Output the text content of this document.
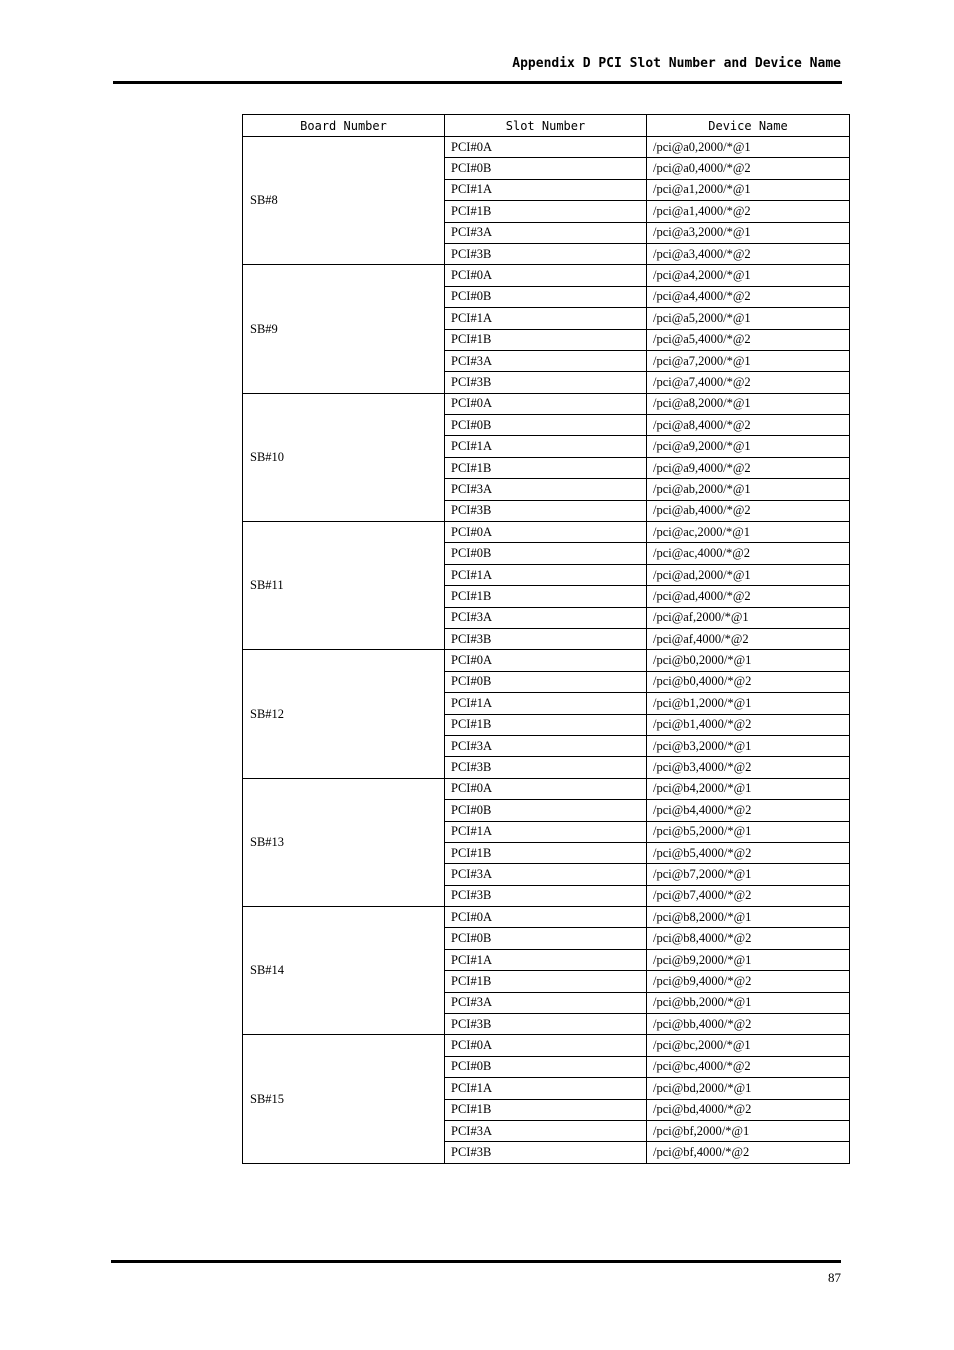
Appendix D PCI Slot Number and Device Name
Board Number	Slot Number	Device Name
SB#8	PCI#0A	/pci@a0,2000/*@1
	PCI#0B	/pci@a0,4000/*@2
	PCI#1A	/pci@a1,2000/*@1
	PCI#1B	/pci@a1,4000/*@2
	PCI#3A	/pci@a3,2000/*@1
	PCI#3B	/pci@a3,4000/*@2
SB#9	PCI#0A	/pci@a4,2000/*@1
	PCI#0B	/pci@a4,4000/*@2
	PCI#1A	/pci@a5,2000/*@1
	PCI#1B	/pci@a5,4000/*@2
	PCI#3A	/pci@a7,2000/*@1
	PCI#3B	/pci@a7,4000/*@2
SB#10	PCI#0A	/pci@a8,2000/*@1
	PCI#0B	/pci@a8,4000/*@2
	PCI#1A	/pci@a9,2000/*@1
	PCI#1B	/pci@a9,4000/*@2
	PCI#3A	/pci@ab,2000/*@1
	PCI#3B	/pci@ab,4000/*@2
SB#11	PCI#0A	/pci@ac,2000/*@1
	PCI#0B	/pci@ac,4000/*@2
	PCI#1A	/pci@ad,2000/*@1
	PCI#1B	/pci@ad,4000/*@2
	PCI#3A	/pci@af,2000/*@1
	PCI#3B	/pci@af,4000/*@2
SB#12	PCI#0A	/pci@b0,2000/*@1
	PCI#0B	/pci@b0,4000/*@2
	PCI#1A	/pci@b1,2000/*@1
	PCI#1B	/pci@b1,4000/*@2
	PCI#3A	/pci@b3,2000/*@1
	PCI#3B	/pci@b3,4000/*@2
SB#13	PCI#0A	/pci@b4,2000/*@1
	PCI#0B	/pci@b4,4000/*@2
	PCI#1A	/pci@b5,2000/*@1
	PCI#1B	/pci@b5,4000/*@2
	PCI#3A	/pci@b7,2000/*@1
	PCI#3B	/pci@b7,4000/*@2
SB#14	PCI#0A	/pci@b8,2000/*@1
	PCI#0B	/pci@b8,4000/*@2
	PCI#1A	/pci@b9,2000/*@1
	PCI#1B	/pci@b9,4000/*@2
	PCI#3A	/pci@bb,2000/*@1
	PCI#3B	/pci@bb,4000/*@2
SB#15	PCI#0A	/pci@bc,2000/*@1
	PCI#0B	/pci@bc,4000/*@2
	PCI#1A	/pci@bd,2000/*@1
	PCI#1B	/pci@bd,4000/*@2
	PCI#3A	/pci@bf,2000/*@1
	PCI#3B	/pci@bf,4000/*@2
87
